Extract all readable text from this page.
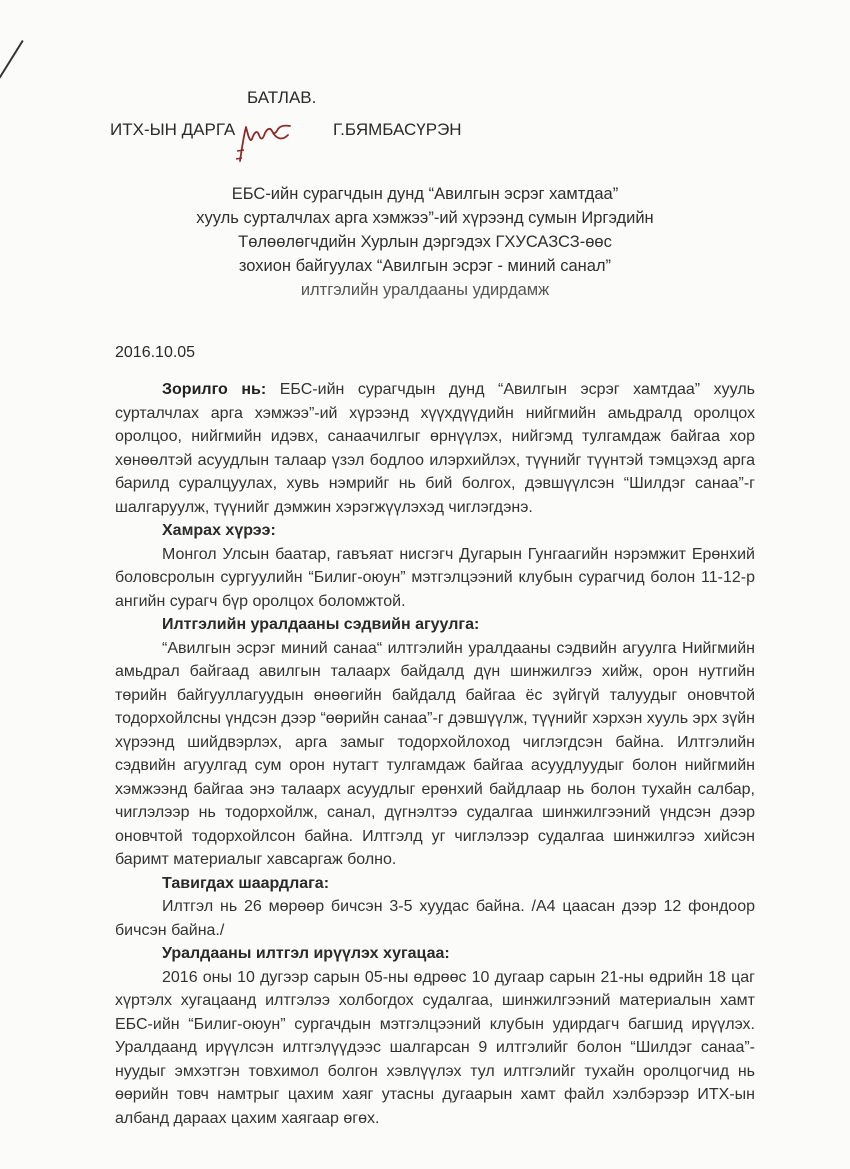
БАТЛАВ.
ИТХ-ЫН ДАРГА	Г.БЯМБАСҮРЭН
ЕБС-ийн сурагчдын дунд “Авилгын эсрэг хамтдаа”
хууль сурталчлах арга хэмжээ”-ий хүрээнд сумын Иргэдийн
Төлөөлөгчдийн Хурлын дэргэдэх ГХУСАЗСЗ-өөс
зохион байгуулах “Авилгын эсрэг - миний санал”
илтгэлийн уралдааны удирдамж
2016.10.05

Зорилго нь: ЕБС-ийн сурагчдын дунд “Авилгын эсрэг хамтдаа” хууль сурталчлах арга хэмжээ”-ий хүрээнд хүүхдүүдийн нийгмийн амьдралд оролцох оролцоо, нийгмийн идэвх, санаачилгыг өрнүүлэх, нийгэмд тулгамдаж байгаа хор хөнөөлтэй асуудлын талаар үзэл бодлоо илэрхийлэх, түүнийг түүнтэй тэмцэхэд арга барилд суралцуулах, хувь нэмрийг нь бий болгох, дэвшүүлсэн “Шилдэг санаа”-г шалгаруулж, түүнийг дэмжин хэрэгжүүлэхэд чиглэгдэнэ.

Хамрах хүрээ:

Монгол Улсын баатар, гавъяат нисгэгч Дугарын Гунгаагийн нэрэмжит Ерөнхий боловсролын сургуулийн “Билиг-оюун” мэтгэлцээний клубын сурагчид болон 11-12-р ангийн сурагч бүр оролцох боломжтой.

Илтгэлийн уралдааны сэдвийн агуулга:

“Авилгын эсрэг миний санаа“ илтгэлийн уралдааны сэдвийн агуулга Нийгмийн амьдрал байгаад авилгын талаарх байдалд дүн шинжилгээ хийж, орон нутгийн төрийн байгууллагуудын өнөөгийн байдалд байгаа ёс зүйгүй талуудыг оновчтой тодорхойлсны үндсэн дээр “өөрийн санаа”-г дэвшүүлж, түүнийг хэрхэн хууль эрх зүйн хүрээнд шийдвэрлэх, арга замыг тодорхойлоход чиглэгдсэн байна. Илтгэлийн сэдвийн агуулгад сум орон нутагт тулгамдаж байгаа асуудлуудыг болон нийгмийн хэмжээнд байгаа энэ талаарх асуудлыг ерөнхий байдлаар нь болон тухайн салбар, чиглэлээр нь тодорхойлж, санал, дүгнэлтээ судалгаа шинжилгээний үндсэн дээр оновчтой тодорхойлсон байна. Илтгэлд уг чиглэлээр судалгаа шинжилгээ хийсэн баримт материалыг хавсаргаж болно.

Тавигдах шаардлага:

Илтгэл нь 26 мөрөөр бичсэн 3-5 хуудас байна. /А4 цаасан дээр 12 фондоор бичсэн байна./

Уралдааны илтгэл ирүүлэх хугацаа:

2016 оны 10 дугээр сарын 05-ны өдрөөс 10 дугаар сарын 21-ны өдрийн 18 цаг хүртэлх хугацаанд илтгэлээ холбогдох судалгаа, шинжилгээний материалын хамт ЕБС-ийн “Билиг-оюун” сургачдын мэтгэлцээний клубын удирдагч багшид ирүүлэх. Уралдаанд ирүүлсэн илтгэлүүдээс шалгарсан 9 илтгэлийг болон “Шилдэг санаа”-нуудыг эмхэтгэн товхимол болгон хэвлүүлэх тул илтгэлийг тухайн оролцогчид нь өөрийн товч намтрыг цахим хаяг утасны дугаарын хамт файл хэлбэрээр ИТХ-ын албанд дараах цахим хаягаар өгөх.
